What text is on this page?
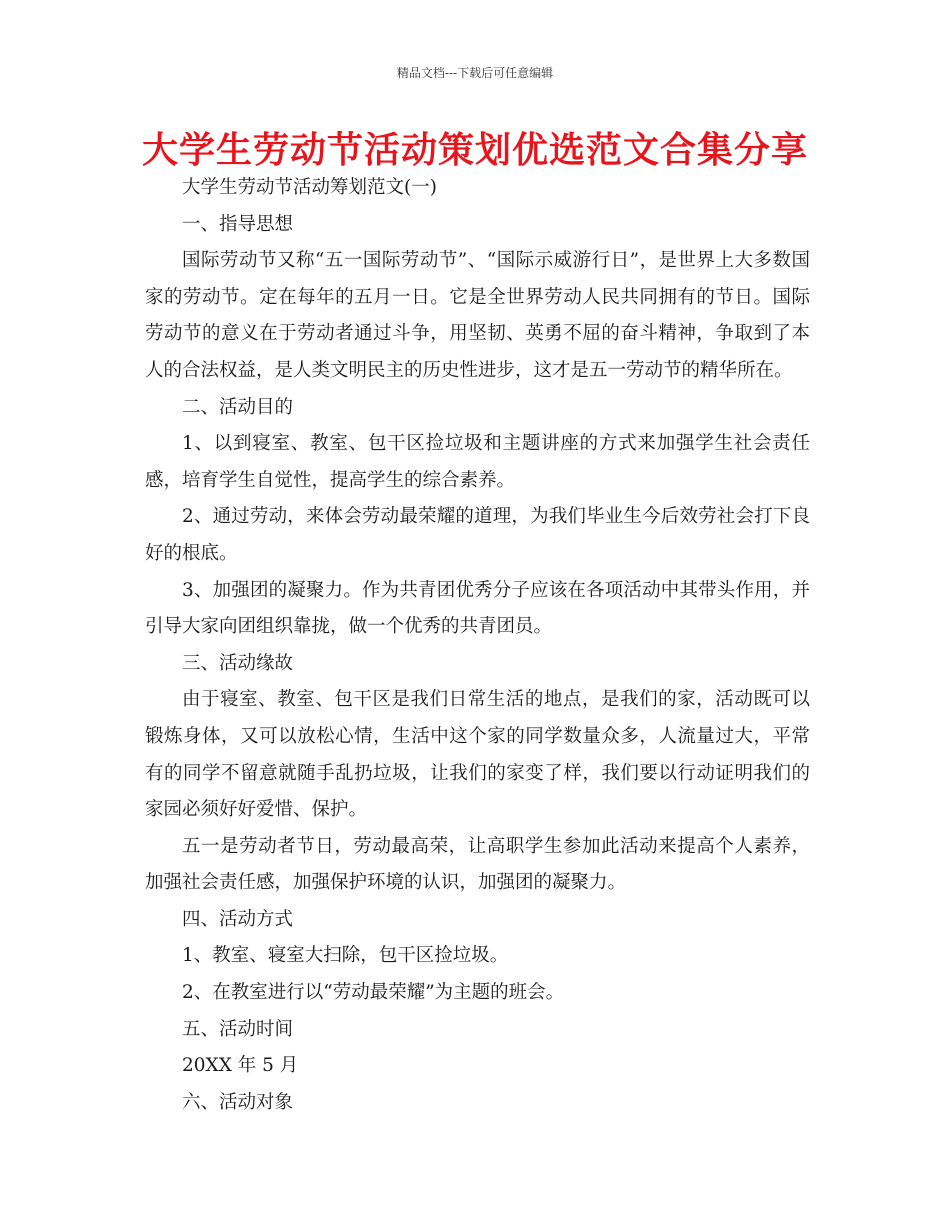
精品文档---下载后可任意编辑
大学生劳动节活动策划优选范文合集分享

大学生劳动节活动筹划范文(一)

一、指导思想

国际劳动节又称“五一国际劳动节”、“国际示威游行日”，是世界上大多数国家的劳动节。定在每年的五月一日。它是全世界劳动人民共同拥有的节日。国际劳动节的意义在于劳动者通过斗争，用坚韧、英勇不屈的奋斗精神，争取到了本人的合法权益，是人类文明民主的历史性进步，这才是五一劳动节的精华所在。

二、活动目的

1、以到寝室、教室、包干区捡垃圾和主题讲座的方式来加强学生社会责任感，培育学生自觉性，提高学生的综合素养。

2、通过劳动，来体会劳动最荣耀的道理，为我们毕业生今后效劳社会打下良好的根底。

3、加强团的凝聚力。作为共青团优秀分子应该在各项活动中其带头作用，并引导大家向团组织靠拢，做一个优秀的共青团员。

三、活动缘故

由于寝室、教室、包干区是我们日常生活的地点，是我们的家，活动既可以锻炼身体，又可以放松心情，生活中这个家的同学数量众多，人流量过大，平常有的同学不留意就随手乱扔垃圾，让我们的家变了样，我们要以行动证明我们的家园必须好好爱惜、保护。

五一是劳动者节日，劳动最高荣，让高职学生参加此活动来提高个人素养，加强社会责任感，加强保护环境的认识，加强团的凝聚力。

四、活动方式

1、教室、寝室大扫除，包干区捡垃圾。

2、在教室进行以“劳动最荣耀”为主题的班会。

五、活动时间

20XX 年 5 月

六、活动对象
